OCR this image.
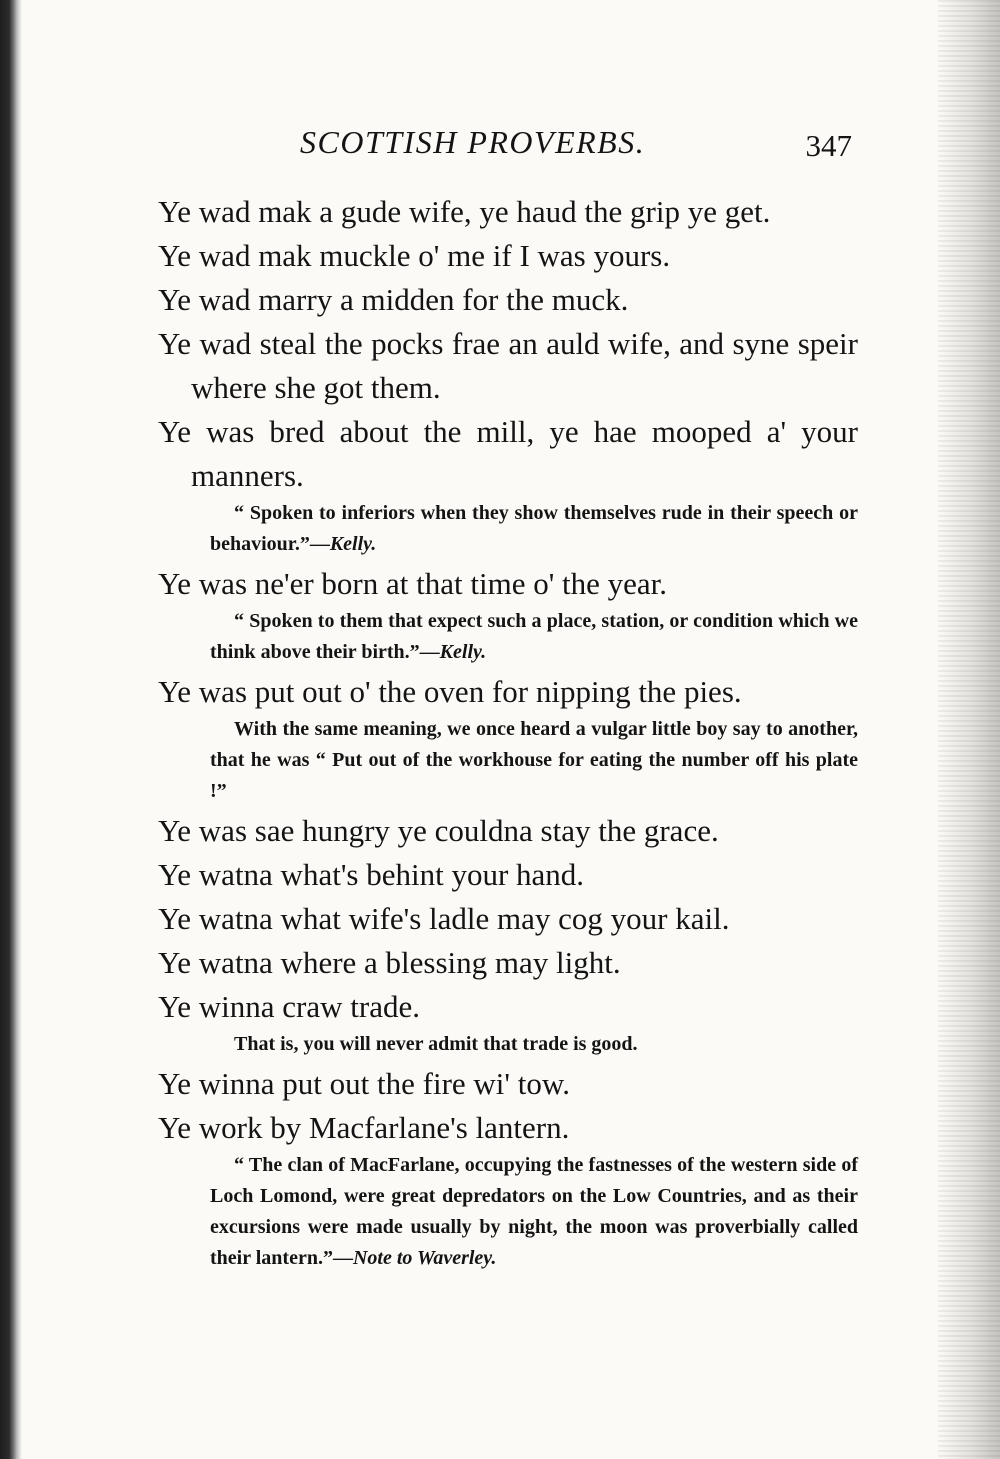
SCOTTISH PROVERBS.	347

Ye wad mak a gude wife, ye haud the grip ye get.

Ye wad mak muckle o' me if I was yours.

Ye wad marry a midden for the muck.

Ye wad steal the pocks frae an auld wife, and syne speir where she got them.

Ye was bred about the mill, ye hae mooped a' your manners.

“ Spoken to inferiors when they show themselves rude in their speech or behaviour.”—Kelly.

Ye was ne'er born at that time o' the year.

“ Spoken to them that expect such a place, station, or condition which we think above their birth.”—Kelly.

Ye was put out o' the oven for nipping the pies.

With the same meaning, we once heard a vulgar little boy say to another, that he was “ Put out of the workhouse for eating the number off his plate !”

Ye was sae hungry ye couldna stay the grace.

Ye watna what's behint your hand.

Ye watna what wife's ladle may cog your kail.

Ye watna where a blessing may light.

Ye winna craw trade.

That is, you will never admit that trade is good.

Ye winna put out the fire wi' tow.

Ye work by Macfarlane's lantern.

“ The clan of MacFarlane, occupying the fastnesses of the western side of Loch Lomond, were great depredators on the Low Countries, and as their excursions were made usually by night, the moon was proverbially called their lantern.”—Note to Waverley.
